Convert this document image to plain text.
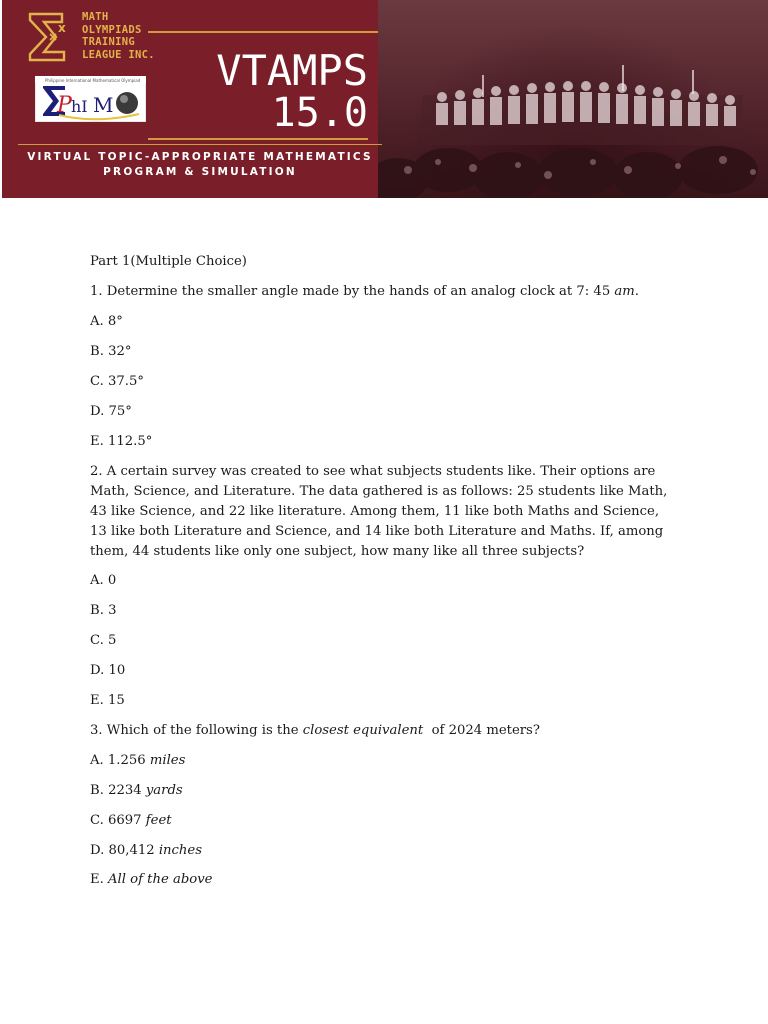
x
MATH
OLYMPIADS
TRAINING
LEAGUE INC.
Philippine International Mathematical Olympiad
P hI M
VTAMPS
15.0
VIRTUAL TOPIC-APPROPRIATE MATHEMATICS
PROGRAM & SIMULATION
Part 1(Multiple Choice)
1. Determine the smaller angle made by the hands of an analog clock at 7: 45 am.
A. 8°
B. 32°
C. 37.5°
D. 75°
E. 112.5°
2. A certain survey was created to see what subjects students like. Their options are Math, Science, and Literature. The data gathered is as follows: 25 students like Math, 43 like Science, and 22 like literature. Among them, 11 like both Maths and Science, 13 like both Literature and Science, and 14 like both Literature and Maths. If, among them, 44 students like only one subject, how many like all three subjects?
A. 0
B. 3
C. 5
D. 10
E. 15
3. Which of the following is the closest equivalent  of 2024 meters?
A. 1.256 miles
B. 2234 yards
C. 6697 feet
D. 80,412 inches
E. All of the above
